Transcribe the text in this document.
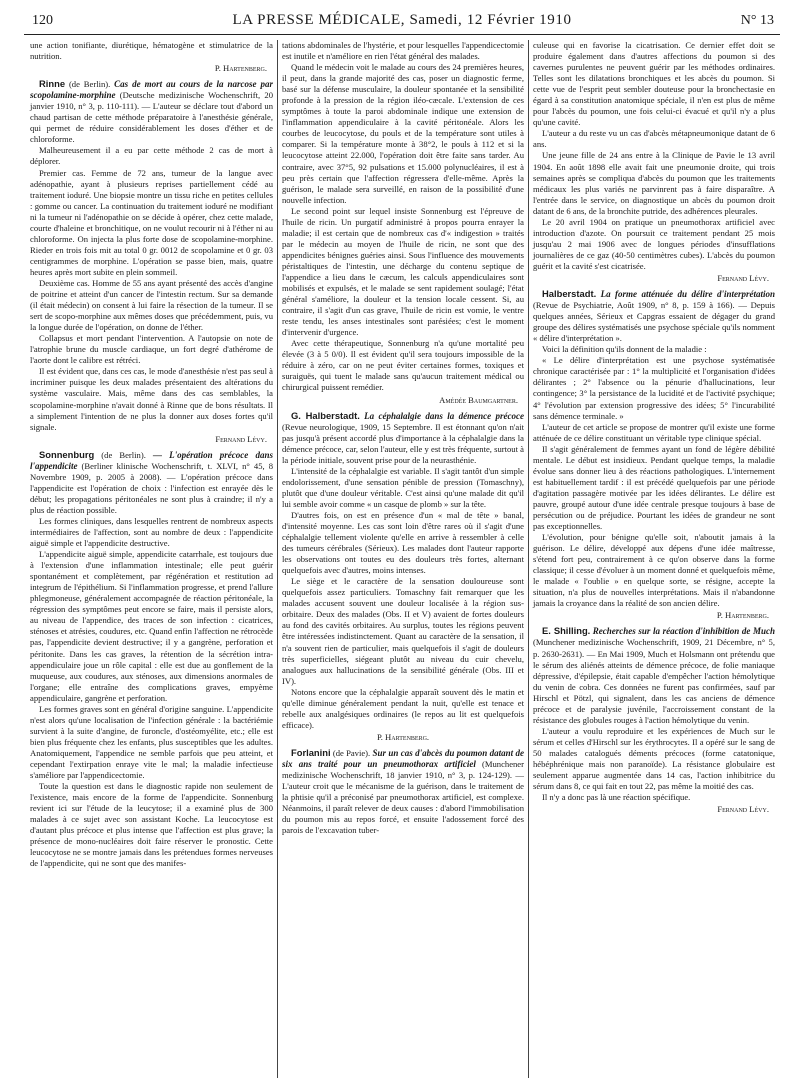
120	LA PRESSE MÉDICALE, Samedi, 12 Février 1910	N° 13

une action tonifiante, diurétique, hématogène et stimulatrice de la nutrition.

P. Hartenberg.

Rinne (de Berlin). Cas de mort au cours de la narcose par scopolamine-morphine (Deutsche medizinische Wochenschrift, 20 janvier 1910, n° 3, p. 110-111). — L'auteur se déclare tout d'abord un chaud partisan de cette méthode préparatoire à l'anesthésie générale, qui permet de réduire considérablement les doses d'éther et de chloroforme.

Malheureusement il a eu par cette méthode 2 cas de mort à déplorer.

Premier cas. Femme de 72 ans, tumeur de la langue avec adénopathie, ayant à plusieurs reprises partiellement cédé au traitement ioduré. Une biopsie montre un tissu riche en petites cellules : gomme ou cancer. La continuation du traitement ioduré ne modifiant ni la tumeur ni l'adénopathie on se décide à opérer, chez cette malade, courte d'haleine et bronchitique, on ne voulut recourir ni à l'éther ni au chloroforme. On injecta la plus forte dose de scopolamine-morphine. Rieder en trois fois mit au total 0 gr. 0012 de scopolamine et 0 gr. 03 centigrammes de morphine. L'opération se passe bien, mais, quatre heures après mort subite en plein sommeil.

Deuxième cas. Homme de 55 ans ayant présenté des accès d'angine de poitrine et atteint d'un cancer de l'intestin rectum. Sur sa demande (il était médecin) on consent à lui faire la résection de la tumeur. Il se sert de scopo-morphine aux mêmes doses que précédemment, puis, vu la longue durée de l'opération, on donne de l'éther.

Collapsus et mort pendant l'intervention. A l'autopsie on note de l'atrophie brune du muscle cardiaque, un fort degré d'athérome de l'aorte dont le calibre est rétréci.

Il est évident que, dans ces cas, le mode d'anesthésie n'est pas seul à incriminer puisque les deux malades présentaient des altérations du système vasculaire. Mais, même dans des cas semblables, la scopolamine-morphine n'avait donné à Rinne que de bons résultats. Il a simplement l'intention de ne plus la donner aux doses fortes qu'il signale.

Fernand Lévy.

Sonnenburg (de Berlin). — L'opération précoce dans l'appendicite (Berliner klinische Wochenschrift, t. XLVI, n° 45, 8 Novembre 1909, p. 2005 à 2008). — L'opération précoce dans l'appendicite est l'opération de choix : l'infection est enrayée dès le début; les propagations péritonéales ne sont plus à craindre; il n'y a plus de réaction possible.

Les formes cliniques, dans lesquelles rentrent de nombreux aspects intermédiaires de l'affection, sont au nombre de deux : l'appendicite aiguë simple et l'appendicite destructive.

L'appendicite aiguë simple, appendicite catarrhale, est toujours due à l'extension d'une inflammation intestinale; elle peut guérir spontanément et complètement, par régénération et restitution ad integrum de l'épithélium. Si l'inflammation progresse, et prend l'allure phlegmoneuse, généralement accompagnée de réaction péritonéale, la régression des symptômes peut encore se faire, mais il persiste alors, au niveau de l'appendice, des traces de son infection : cicatrices, sténoses et atrésies, coudures, etc. Quand enfin l'affection ne rétrocède pas, l'appendicite devient destructive; il y a gangrène, perforation et péritonite. Dans les cas graves, la rétention de la sécrétion intra-appendiculaire joue un rôle capital : elle est due au gonflement de la muqueuse, aux coudures, aux sténoses, aux dimensions anormales de l'organe; elle entraîne des complications graves, empyème appendiculaire, gangrène et perforation.

Les formes graves sont en général d'origine sanguine. L'appendicite n'est alors qu'une localisation de l'infection générale : la bactériémie survient à la suite d'angine, de furoncle, d'ostéomyélite, etc.; elle est bien plus fréquente chez les enfants, plus susceptibles que les adultes. Anatomiquement, l'appendice ne semble parfois que peu atteint, et cependant l'extirpation enraye vite le mal; la maladie infectieuse s'améliore par l'appendicectomie.

Toute la question est dans le diagnostic rapide non seulement de l'existence, mais encore de la forme de l'appendicite. Sonnenburg revient ici sur l'étude de la leucytose; il a examiné plus de 300 malades à ce sujet avec son assistant Koche. La leucocytose est d'autant plus précoce et plus intense que l'affection est plus grave; la présence de mono-nucléaires doit faire réserver le pronostic. Cette leucocytose ne se montre jamais dans les prétendues formes nerveuses de l'appendicite, qui ne sont que des manifes-

tations abdominales de l'hystérie, et pour lesquelles l'appendicectomie est inutile et n'améliore en rien l'état général des malades.

Quand le médecin voit le malade au cours des 24 premières heures, il peut, dans la grande majorité des cas, poser un diagnostic ferme, basé sur la défense musculaire, la douleur spontanée et la sensibilité profonde à la pression de la région iléo-cæcale. L'extension de ces symptômes à toute la paroi abdominale indique une extension de l'inflammation appendiculaire à la cavité péritonéale. Alors les courbes de leucocytose, du pouls et de la température sont utiles à comparer. Si la température monte à 38°2, le pouls à 112 et si la leucocytose atteint 22.000, l'opération doit être faite sans tarder. Au contraire, avec 37°5, 92 pulsations et 15.000 polynucléaires, il est à peu près certain que l'affection régressera d'elle-même. Après la guérison, le malade sera surveillé, en raison de la possibilité d'une nouvelle infection.

Le second point sur lequel insiste Sonnenburg est l'épreuve de l'huile de ricin. Un purgatif administré à propos pourra enrayer la maladie; il est certain que de nombreux cas d'« indigestion » traités par le médecin au moyen de l'huile de ricin, ne sont que des appendicites bénignes guéries ainsi. Sous l'influence des mouvements péristaltiques de l'intestin, une décharge du contenu septique de l'appendice a lieu dans le cæcum, les calculs appendiculaires sont mobilisés et expulsés, et le malade se sent rapidement soulagé; l'état général s'améliore, la douleur et la tension locale cessent. Si, au contraire, il s'agit d'un cas grave, l'huile de ricin est vomie, le ventre reste tendu, les anses intestinales sont parésiées; c'est le moment d'intervenir d'urgence.

Avec cette thérapeutique, Sonnenburg n'a qu'une mortalité peu élevée (3 à 5 0/0). Il est évident qu'il sera toujours impossible de la réduire à zéro, car on ne peut éviter certaines formes, toxiques et suraiguës, qui tuent le malade sans qu'aucun traitement médical ou chirurgical puissent remédier.

Amédée Baumgartner.

G. Halberstadt. La céphalalgie dans la démence précoce (Revue neurologique, 1909, 15 Septembre. Il est étonnant qu'on n'ait pas jusqu'à présent accordé plus d'importance à la céphalalgie dans la démence précoce, car, selon l'auteur, elle y est très fréquente, surtout à la période initiale, souvent prise pour de la neurasthénie.

L'intensité de la céphalalgie est variable. Il s'agit tantôt d'un simple endolorissement, d'une sensation pénible de pression (Tomaschny), plutôt que d'une douleur véritable. C'est ainsi qu'une malade dit qu'il lui semble avoir comme « un casque de plomb » sur la tête.

D'autres fois, on est en présence d'un « mal de tête » banal, d'intensité moyenne. Les cas sont loin d'être rares où il s'agit d'une céphalalgie tellement violente qu'elle en arrive à ressembler à celle des tumeurs cérébrales (Sérieux). Les malades dont l'auteur rapporte les observations ont toutes eu des douleurs très fortes, alternant quelquefois avec d'autres, moins intenses.

Le siège et le caractère de la sensation douloureuse sont quelquefois assez particuliers. Tomaschny fait remarquer que les malades accusent souvent une douleur localisée à la région sus-orbitaire. Deux des malades (Obs. II et V) avaient de fortes douleurs au fond des cavités orbitaires. Au surplus, toutes les régions peuvent être intéressées indistinctement. Quant au caractère de la sensation, il n'a souvent rien de particulier, mais quelquefois il s'agit de douleurs très superficielles, siégeant plutôt au niveau du cuir chevelu, analogues aux hallucinations de la sensibilité générale (Obs. III et IV).

Notons encore que la céphalalgie apparaît souvent dès le matin et qu'elle diminue généralement pendant la nuit, qu'elle est tenace et rebelle aux analgésiques ordinaires (le repos au lit est quelquefois efficace).

P. Hartenberg.

Forlanini (de Pavie). Sur un cas d'abcès du poumon datant de six ans traité pour un pneumothorax artificiel (Munchener medizinische Wochenschrift, 18 janvier 1910, n° 3, p. 124-129). — L'auteur croit que le mécanisme de la guérison, dans le traitement de la phtisie qu'il a préconisé par pneumothorax artificiel, est complexe. Néanmoins, il paraît relever de deux causes : d'abord l'immobilisation du poumon mis au repos forcé, et ensuite l'adossement forcé des parois de l'excavation tuber-

culeuse qui en favorise la cicatrisation. Ce dernier effet doit se produire également dans d'autres affections du poumon si des cavernes purulentes ne peuvent guérir par les méthodes ordinaires. Telles sont les dilatations bronchiques et les abcès du poumon. Si cette vue de l'esprit peut sembler douteuse pour la bronchectasie en égard à sa constitution anatomique spéciale, il n'en est plus de même pour l'abcès du poumon, une fois celui-ci évacué et qu'il n'y a plus qu'une cavité.

L'auteur a du reste vu un cas d'abcès métapneumonique datant de 6 ans.

Une jeune fille de 24 ans entre à la Clinique de Pavie le 13 avril 1904. En août 1898 elle avait fait une pneumonie droite, qui trois semaines après se compliqua d'abcès du poumon que les traitements médicaux les plus variés ne parvinrent pas à faire disparaître. A l'entrée dans le service, on diagnostique un abcès du poumon droit datant de 6 ans, de la bronchite putride, des adhérences pleurales.

Le 20 avril 1904 on pratique un pneumothorax artificiel avec introduction d'azote. On poursuit ce traitement pendant 25 mois jusqu'au 2 mai 1906 avec de longues périodes d'insufflations journalières de ce gaz (40-50 centimètres cubes). L'abcès du poumon guérit et la cavité s'est cicatrisée.

Fernand Lévy.

Halberstadt. La forme atténuée du délire d'interprétation (Revue de Psychiatrie, Août 1909, n° 8, p. 159 à 166). — Depuis quelques années, Sérieux et Capgras essaient de dégager du grand groupe des délires systématisés une psychose spéciale qu'ils nomment « délire d'interprétation ».

Voici la définition qu'ils donnent de la maladie :

« Le délire d'interprétation est une psychose systématisée chronique caractérisée par : 1° la multiplicité et l'organisation d'idées délirantes ; 2° l'absence ou la pénurie d'hallucinations, leur contingence; 3° la persistance de la lucidité et de l'activité psychique; 4° l'évolution par extension progressive des idées; 5° l'incurabilité sans démence terminale. »

L'auteur de cet article se propose de montrer qu'il existe une forme atténuée de ce délire constituant un véritable type clinique spécial.

Il s'agit généralement de femmes ayant un fond de légère débilité mentale. Le début est insidieux. Pendant quelque temps, la maladie évolue sans donner lieu à des réactions pathologiques. L'internement est habituellement tardif : il est précédé quelquefois par une période d'agitation passagère motivée par les idées délirantes. Le délire est pauvre, groupé autour d'une idée centrale presque toujours à base de persécution ou de préjudice. Pourtant les idées de grandeur ne sont pas exceptionnelles.

L'évolution, pour bénigne qu'elle soit, n'aboutit jamais à la guérison. Le délire, développé aux dépens d'une idée maîtresse, s'étend fort peu, contrairement à ce qu'on observe dans la forme classique; il cesse d'évoluer à un moment donné et quelquefois même, le malade « l'oublie » en quelque sorte, se résigne, accepte la situation, n'a plus de nouvelles interprétations. Mais il n'abandonne jamais la croyance dans la réalité de son ancien délire.

P. Hartenberg.

E. Shilling. Recherches sur la réaction d'inhibition de Much (Munchener medizinische Wochenschrift, 1909, 21 Décembre, n° 5, p. 2630-2631). — En Mai 1909, Much et Holsmann ont prétendu que le sérum des aliénés atteints de démence précoce, de folie maniaque dépressive, d'épilepsie, était capable d'empêcher l'action hémolytique du venin de cobra. Ces données ne furent pas confirmées, sauf par Hirschl et Pötzl, qui signalent, dans les cas anciens de démence précoce et de paralysie juvénile, l'accroissement constant de la résistance des globules rouges à l'action hémolytique du venin.

L'auteur a voulu reproduire et les expériences de Much sur le sérum et celles d'Hirschl sur les érythrocytes. Il a opéré sur le sang de 50 malades catalogués déments précoces (forme catatonique, hébéphrénique mais non paranoïde). La résistance globulaire est seulement apparue augmentée dans 14 cas, l'action inhibitrice du sérum dans 8, ce qui fait en tout 22, pas même la moitié des cas.

Il n'y a donc pas là une réaction spécifique.

Fernand Lévy.
